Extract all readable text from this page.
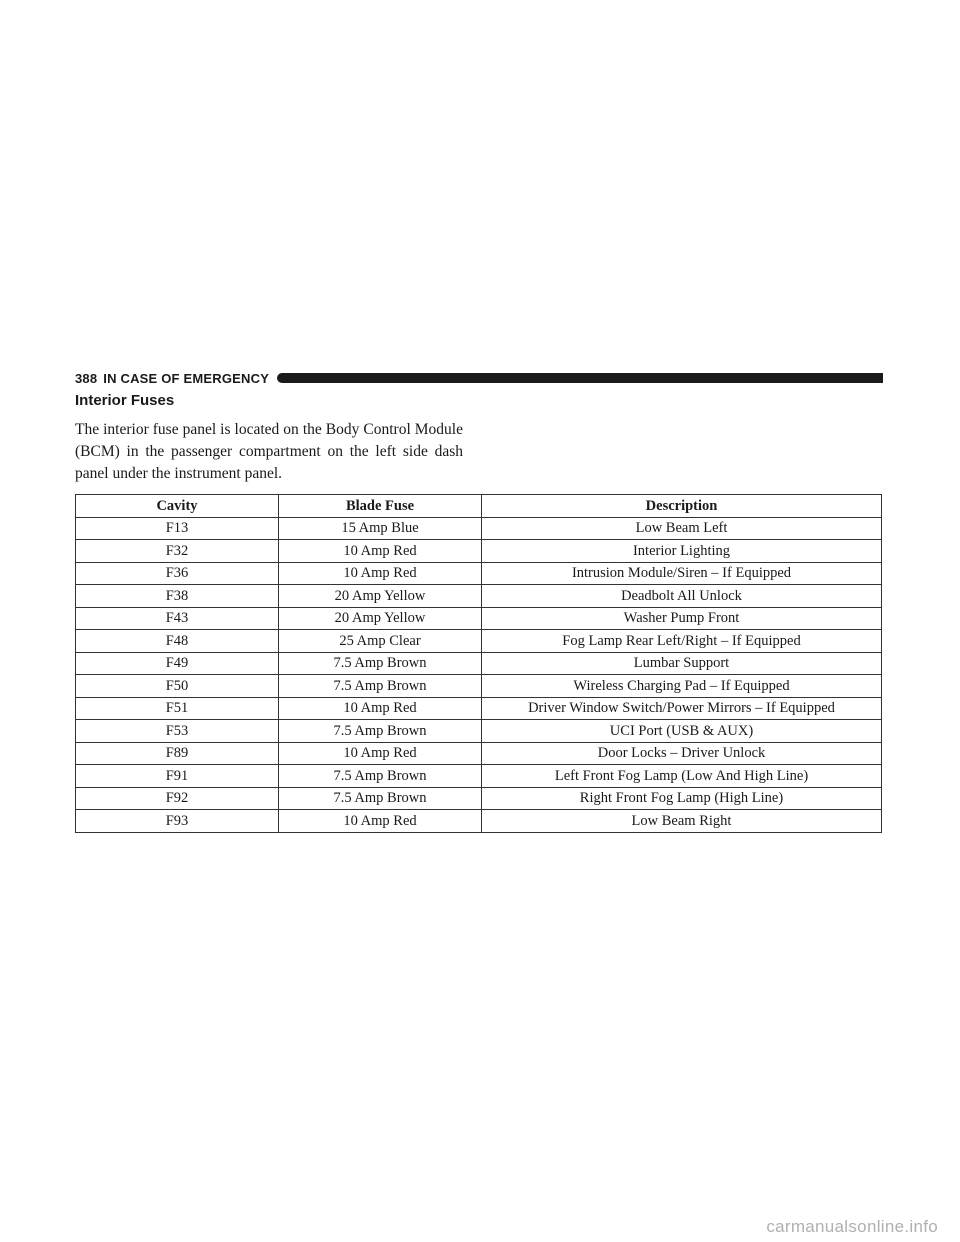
388 IN CASE OF EMERGENCY
Interior Fuses

The interior fuse panel is located on the Body Control Module (BCM) in the passenger compartment on the left side dash panel under the instrument panel.

Cavity	Blade Fuse	Description
F13	15 Amp Blue	Low Beam Left
F32	10 Amp Red	Interior Lighting
F36	10 Amp Red	Intrusion Module/Siren – If Equipped
F38	20 Amp Yellow	Deadbolt All Unlock
F43	20 Amp Yellow	Washer Pump Front
F48	25 Amp Clear	Fog Lamp Rear Left/Right – If Equipped
F49	7.5 Amp Brown	Lumbar Support
F50	7.5 Amp Brown	Wireless Charging Pad – If Equipped
F51	10 Amp Red	Driver Window Switch/Power Mirrors – If Equipped
F53	7.5 Amp Brown	UCI Port (USB & AUX)
F89	10 Amp Red	Door Locks – Driver Unlock
F91	7.5 Amp Brown	Left Front Fog Lamp (Low And High Line)
F92	7.5 Amp Brown	Right Front Fog Lamp (High Line)
F93	10 Amp Red	Low Beam Right
carmanualsonline.info
